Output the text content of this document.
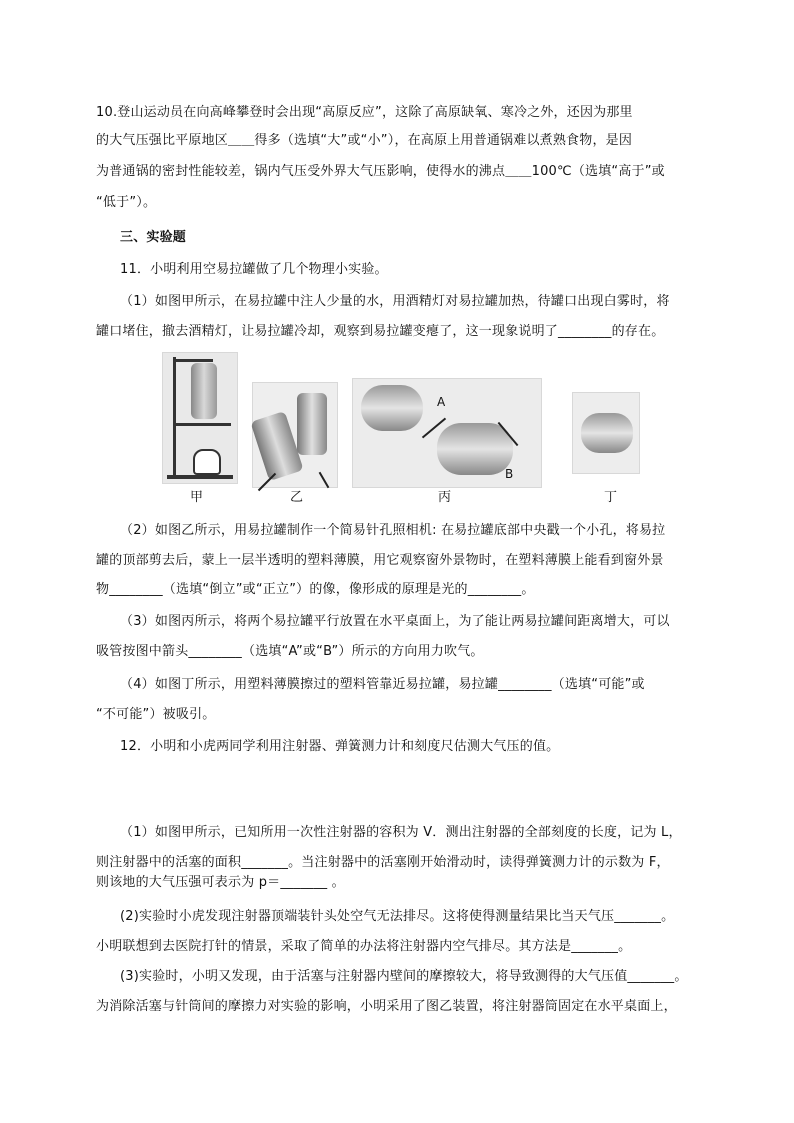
10.登山运动员在向高峰攀登时会出现“高原反应”，这除了高原缺氧、寒冷之外，还因为那里
的大气压强比平原地区＿＿得多（选填“大”或“小”），在高原上用普通锅难以煮熟食物，是因
为普通锅的密封性能较差，锅内气压受外界大气压影响，使得水的沸点＿＿100℃（选填“高于”或
“低于”）。
三、实验题
11．小明利用空易拉罐做了几个物理小实验。
（1）如图甲所示，在易拉罐中注人少量的水，用酒精灯对易拉罐加热，待罐口出现白雾时，将
罐口堵住，撤去酒精灯，让易拉罐冷却，观察到易拉罐变瘪了，这一现象说明了________的存在。
甲	乙
A
B
丙	丁
（2）如图乙所示，用易拉罐制作一个简易针孔照相机: 在易拉罐底部中央戳一个小孔，将易拉
罐的顶部剪去后，蒙上一层半透明的塑料薄膜，用它观察窗外景物时，在塑料薄膜上能看到窗外景
物________（选填“倒立”或“正立”）的像，像形成的原理是光的________。
（3）如图丙所示，将两个易拉罐平行放置在水平桌面上，为了能让两易拉罐间距离增大，可以
吸管按图中箭头________（选填“A”或“B”）所示的方向用力吹气。
（4）如图丁所示，用塑料薄膜擦过的塑料管靠近易拉罐，易拉罐________（选填“可能”或
“不可能”）被吸引。
12．小明和小虎两同学利用注射器、弹簧测力计和刻度尺估测大气压的值。
（1）如图甲所示，已知所用一次性注射器的容积为 V．测出注射器的全部刻度的长度，记为 L，
则注射器中的活塞的面积_______。当注射器中的活塞刚开始滑动时，读得弹簧测力计的示数为 F，
则该地的大气压强可表示为 p＝_______ 。
(2)实验时小虎发现注射器顶端装针头处空气无法排尽。这将使得测量结果比当天气压_______。
小明联想到去医院打针的情景，采取了简单的办法将注射器内空气排尽。其方法是_______。
(3)实验时，小明又发现，由于活塞与注射器内壁间的摩擦较大，将导致测得的大气压值_______。
为消除活塞与针筒间的摩擦力对实验的影响，小明采用了图乙装置，将注射器筒固定在水平桌面上，
